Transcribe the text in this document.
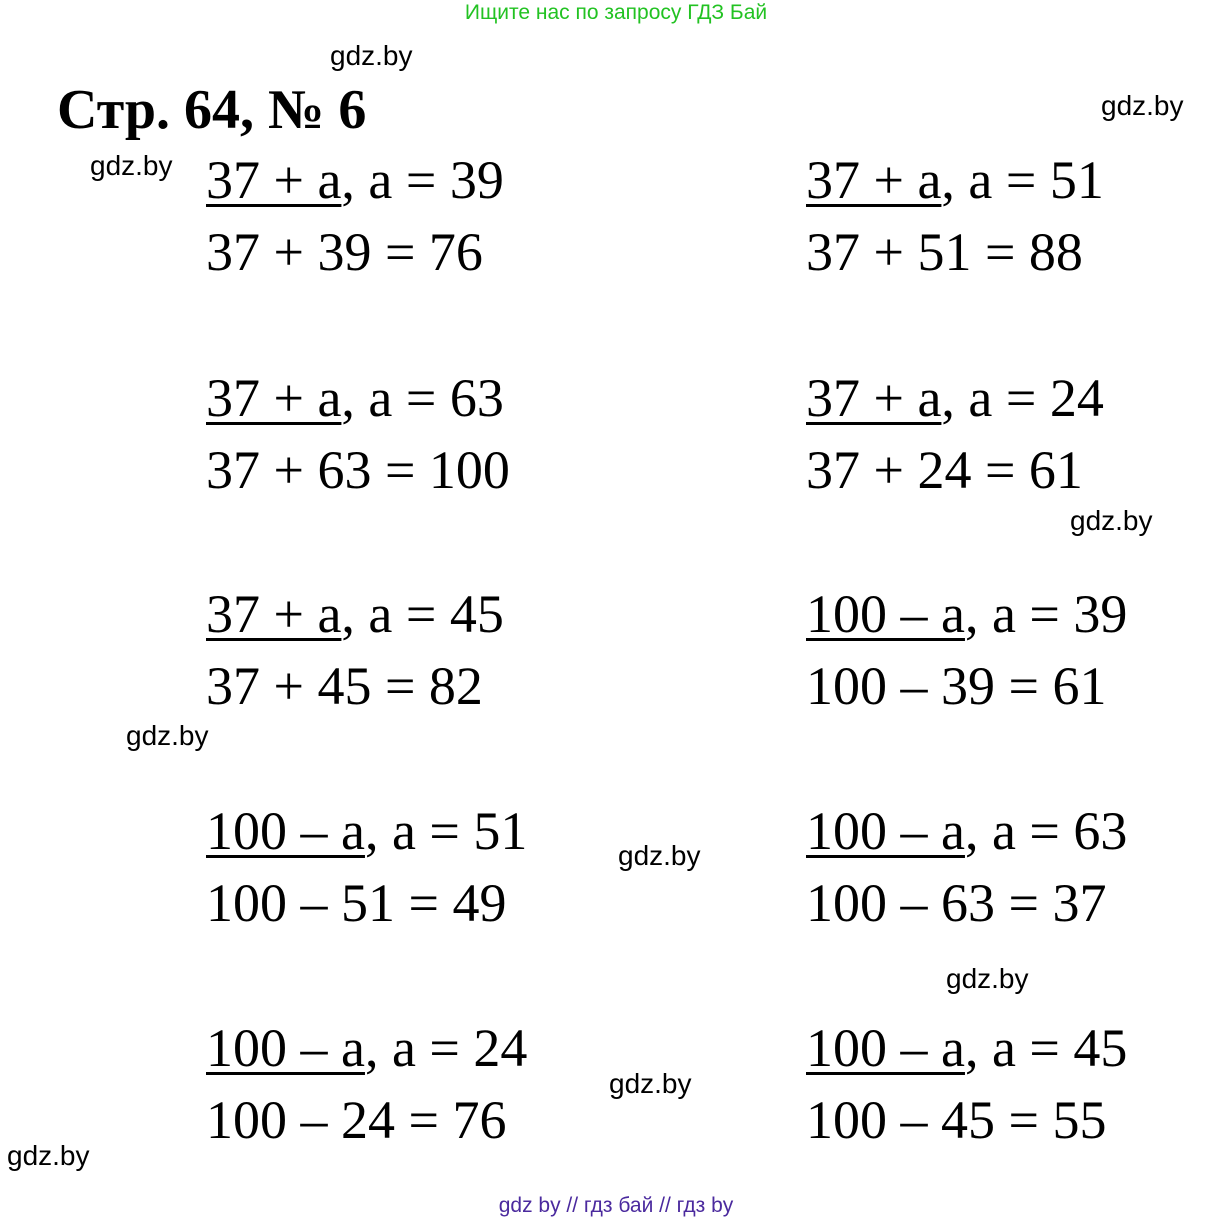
Ищите нас по запросу ГДЗ Бай
Стр. 64, № 6
gdz.by
gdz.by
gdz.by
gdz.by
gdz.by
gdz.by
gdz.by
gdz.by
gdz.by
37 + a, a = 39
37 + 39 = 76
37 + a, a = 63
37 + 63 = 100
37 + a, a = 45
37 + 45 = 82
100 – a, a = 51
100 – 51 = 49
100 – a, a = 24
100 – 24 = 76
37 + a, a = 51
37 + 51 = 88
37 + a, a = 24
37 + 24 = 61
100 – a, a = 39
100 – 39 = 61
100 – a, a = 63
100 – 63 = 37
100 – a, a = 45
100 – 45 = 55
gdz by // гдз бай // гдз by
